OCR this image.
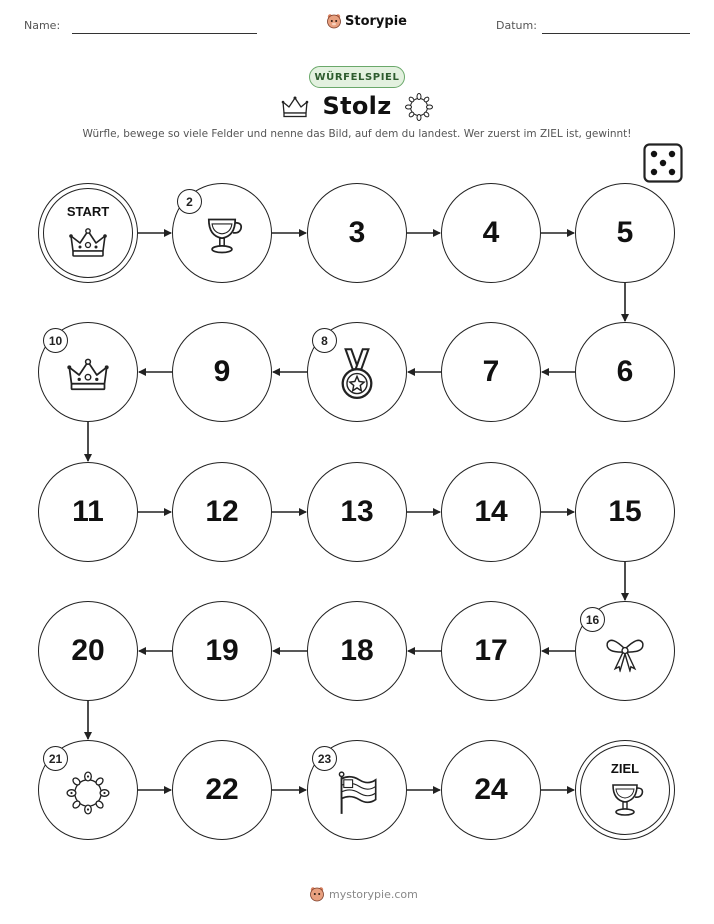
Name:	Datum:
Storypie
WÜRFELSPIEL
Stolz
Würfle, bewege so viele Felder und nenne das Bild, auf dem du landest. Wer zuerst im ZIEL ist, gewinnt!
START
2
3	4	5
6
7
8
9
10
11	12	13	14	15
16
17
18
19
20
21
22
23
24
ZIEL
mystorypie.com
